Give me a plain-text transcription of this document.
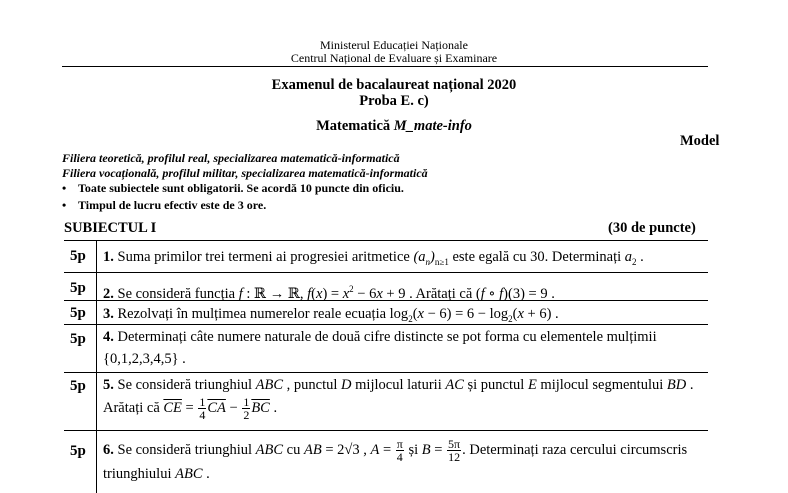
Ministerul Educației Naționale
Centrul Național de Evaluare și Examinare
Examenul de bacalaureat național 2020
Proba E. c)
Matematică M_mate-info
Model
Filiera teoretică, profilul real, specializarea matematică-informatică
Filiera vocațională, profilul militar, specializarea matematică-informatică
• Toate subiectele sunt obligatorii. Se acordă 10 puncte din oficiu.
• Timpul de lucru efectiv este de 3 ore.
SUBIECTUL I	(30 de puncte)
5p	1. Suma primilor trei termeni ai progresiei aritmetice $(a_n)_{n\ge 1}$ este egală cu 30. Determinați $a_2$ .
5p	2. Se consideră funcția f : ℝ → ℝ, $f(x) = x^2 - 6x + 9$ . Arătați că (f ∘ f)(3) = 9 .
5p	3. Rezolvați în mulțimea numerelor reale ecuația $\log_2(x - 6) = 6 - \log_2(x + 6)$ .
5p	4. Determinați câte numere naturale de două cifre distincte se pot forma cu elementele mulțimii {0,1,2,3,4,5} .
5p	5. Se consideră triunghiul ABC , punctul D mijlocul laturii AC și punctul E mijlocul segmentului BD . Arătați că $\overline{CE} = \frac{1}{4} \overline{CA} - \frac{1}{2} \overline{BC}$ .
5p	6. Se consideră triunghiul ABC cu AB = 2√3 , $A = \frac{\pi}{4}$ și $B = \frac{5\pi}{12}$ . Determinați raza cercului circumscris triunghiului ABC .
